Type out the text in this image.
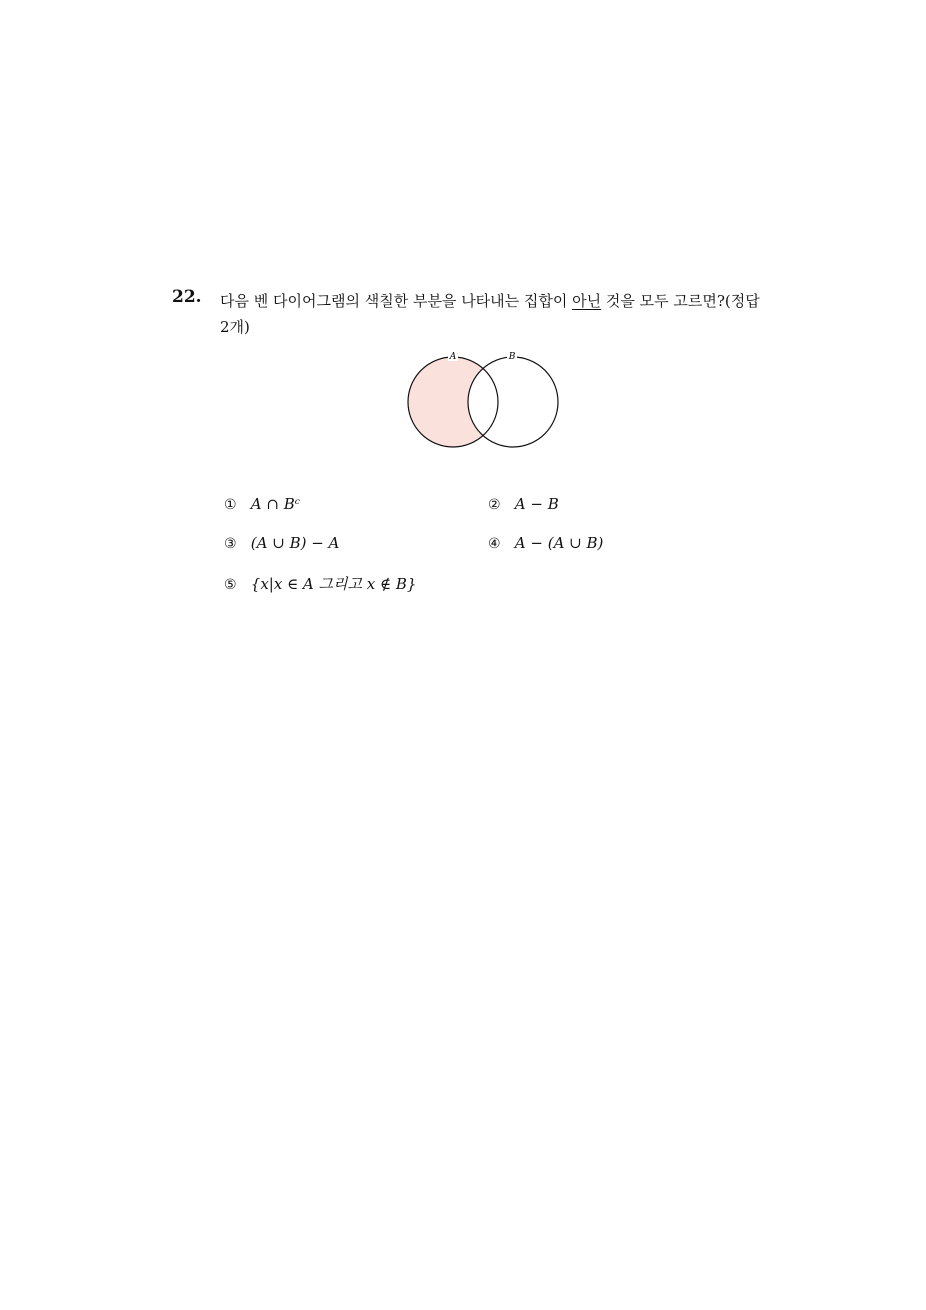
22. 다음 벤 다이어그램의 색칠한 부분을 나타내는 집합이 아닌 것을 모두 고르면?(정답 2개)
A	B
① A ∩ Bᶜ	② A − B
③ (A ∪ B) − A	④ A − (A ∪ B)
⑤ {x|x ∈ A 그리고 x ∉ B}
